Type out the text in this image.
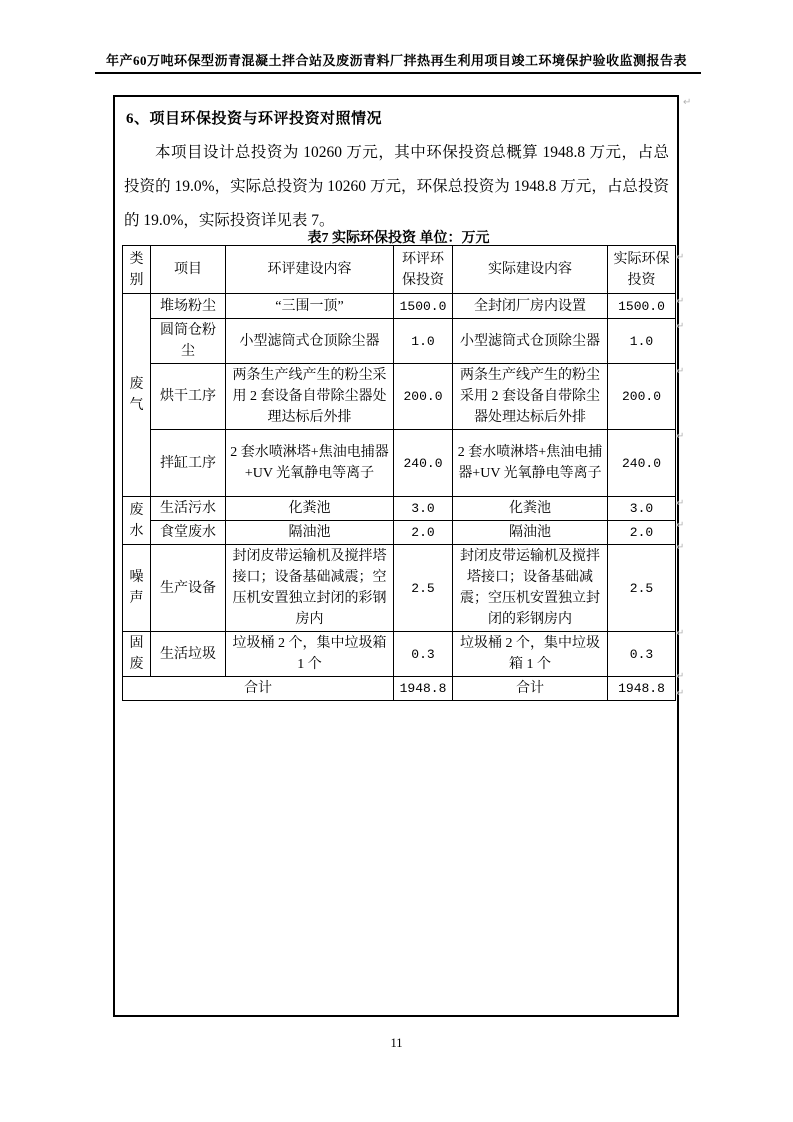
年产60万吨环保型沥青混凝土拌合站及废沥青料厂拌热再生利用项目竣工环境保护验收监测报告表
6、项目环保投资与环评投资对照情况
本项目设计总投资为 10260 万元，其中环保投资总概算 1948.8 万元，占总投资的 19.0%，实际总投资为 10260 万元，环保总投资为 1948.8 万元，占总投资的 19.0%，实际投资详见表 7。
表7 实际环保投资 单位：万元
类别	项目	环评建设内容	环评环保投资	实际建设内容	实际环保投资
废气	堆场粉尘	“三围一顶”	1500.0	全封闭厂房内设置	1500.0
	圆筒仓粉尘	小型滤筒式仓顶除尘器	1.0	小型滤筒式仓顶除尘器	1.0
	烘干工序	两条生产线产生的粉尘采用 2 套设备自带除尘器处理达标后外排	200.0	两条生产线产生的粉尘采用 2 套设备自带除尘器处理达标后外排	200.0
	拌缸工序	2 套水喷淋塔+焦油电捕器+UV 光氧静电等离子	240.0	2 套水喷淋塔+焦油电捕器+UV 光氧静电等离子	240.0
废水	生活污水	化粪池	3.0	化粪池	3.0
	食堂废水	隔油池	2.0	隔油池	2.0
噪声	生产设备	封闭皮带运输机及搅拌塔接口；设备基础减震；空压机安置独立封闭的彩钢房内	2.5	封闭皮带运输机及搅拌塔接口；设备基础减震；空压机安置独立封闭的彩钢房内	2.5
固废	生活垃圾	垃圾桶 2 个，集中垃圾箱 1 个	0.3	垃圾桶 2 个，集中垃圾箱 1 个	0.3
合计			1948.8	合计	1948.8
↵
↵
↵
↵
↵
↵
↵
↵
↵
↵
↵
↵
11
